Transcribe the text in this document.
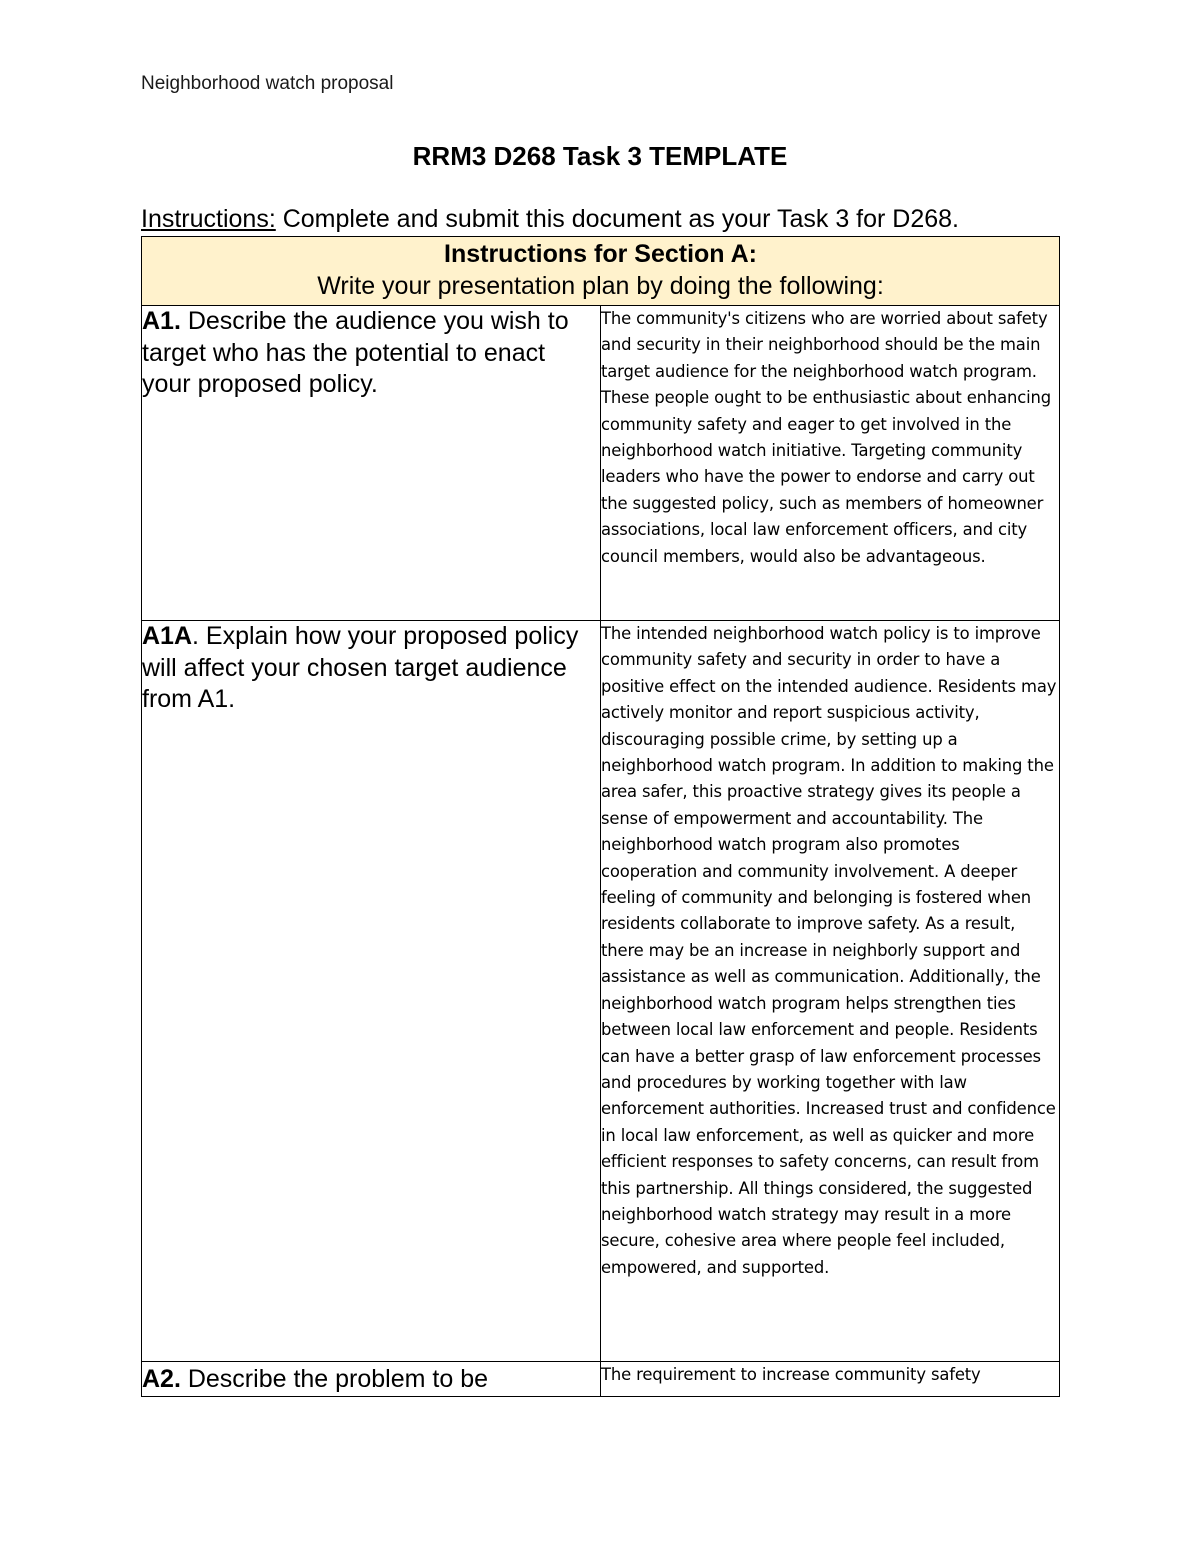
Neighborhood watch proposal
RRM3 D268 Task 3 TEMPLATE
Instructions: Complete and submit this document as your Task 3 for D268.
Instructions for Section A:
Write your presentation plan by doing the following:	

A1. Describe the audience you wish to target who has the potential to enact your proposed policy.	The community's citizens who are worried about safety and security in their neighborhood should be the main target audience for the neighborhood watch program. These people ought to be enthusiastic about enhancing community safety and eager to get involved in the neighborhood watch initiative. Targeting community leaders who have the power to endorse and carry out the suggested policy, such as members of homeowner associations, local law enforcement officers, and city council members, would also be advantageous.
A1A. Explain how your proposed policy will affect your chosen target audience from A1.	The intended neighborhood watch policy is to improve community safety and security in order to have a positive effect on the intended audience. Residents may actively monitor and report suspicious activity, discouraging possible crime, by setting up a neighborhood watch program. In addition to making the area safer, this proactive strategy gives its people a sense of empowerment and accountability. The neighborhood watch program also promotes cooperation and community involvement. A deeper feeling of community and belonging is fostered when residents collaborate to improve safety. As a result, there may be an increase in neighborly support and assistance as well as communication. Additionally, the neighborhood watch program helps strengthen ties between local law enforcement and people. Residents can have a better grasp of law enforcement processes and procedures by working together with law enforcement authorities. Increased trust and confidence in local law enforcement, as well as quicker and more efficient responses to safety concerns, can result from this partnership. All things considered, the suggested neighborhood watch strategy may result in a more secure, cohesive area where people feel included, empowered, and supported.
A2. Describe the problem to be	The requirement to increase community safety
